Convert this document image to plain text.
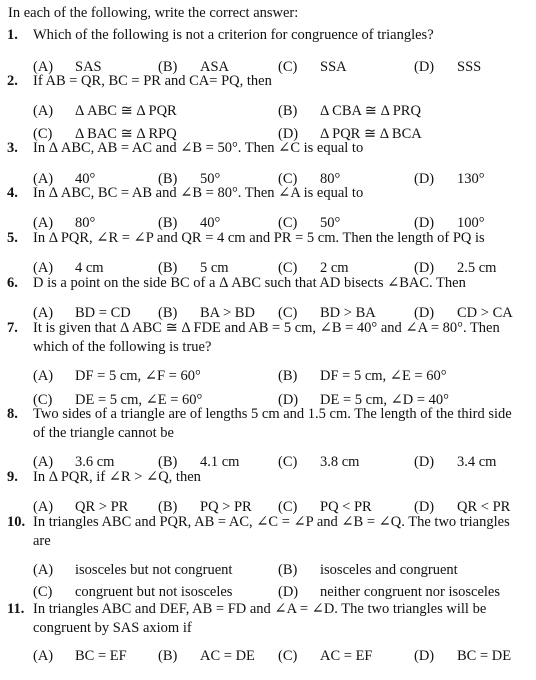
In each of the following, write the correct answer:
1. Which of the following is not a criterion for congruence of triangles?
(A) SAS	(B) ASA	(C) SSA	(D) SSS
2. If AB = QR, BC = PR and CA= PQ, then
(A) Δ ABC ≅ Δ PQR	(B) Δ CBA ≅ Δ PRQ
(C) Δ BAC ≅ Δ RPQ	(D) Δ PQR ≅ Δ BCA
3. In Δ ABC, AB = AC and ∠B = 50°. Then ∠C is equal to
(A) 40°	(B) 50°	(C) 80°	(D) 130°
4. In Δ ABC, BC = AB and ∠B = 80°. Then ∠A is equal to
(A) 80°	(B) 40°	(C) 50°	(D) 100°
5. In Δ PQR, ∠R = ∠P and QR = 4 cm and PR = 5 cm. Then the length of PQ is
(A) 4 cm	(B) 5 cm	(C) 2 cm	(D) 2.5 cm
6. D is a point on the side BC of a Δ ABC such that AD bisects ∠BAC. Then
(A) BD = CD (B) BA > BD (C) BD > BA	(D) CD > CA
7. It is given that Δ ABC ≅ Δ FDE and AB = 5 cm, ∠B = 40° and ∠A = 80°. Then
which of the following is true?
(A) DF = 5 cm, ∠F = 60°	(B) DF = 5 cm, ∠E = 60°
(C) DE = 5 cm, ∠E = 60°	(D) DE = 5 cm, ∠D = 40°
8. Two sides of a triangle are of lengths 5 cm and 1.5 cm. The length of the third side
of the triangle cannot be
(A) 3.6 cm	(B) 4.1 cm	(C) 3.8 cm	(D) 3.4 cm
9. In Δ PQR, if ∠R > ∠Q, then
(A) QR > PR (B) PQ > PR (C) PQ < PR	(D) QR < PR
10. In triangles ABC and PQR, AB = AC, ∠C = ∠P and ∠B = ∠Q. The two triangles
are
(A) isosceles but not congruent	(B) isosceles and congruent
(C) congruent but not isosceles	(D) neither congruent nor isosceles
11. In triangles ABC and DEF, AB = FD and ∠A = ∠D. The two triangles will be
congruent by SAS axiom if
(A) BC = EF (B) AC = DE (C) AC = EF	(D) BC = DE
